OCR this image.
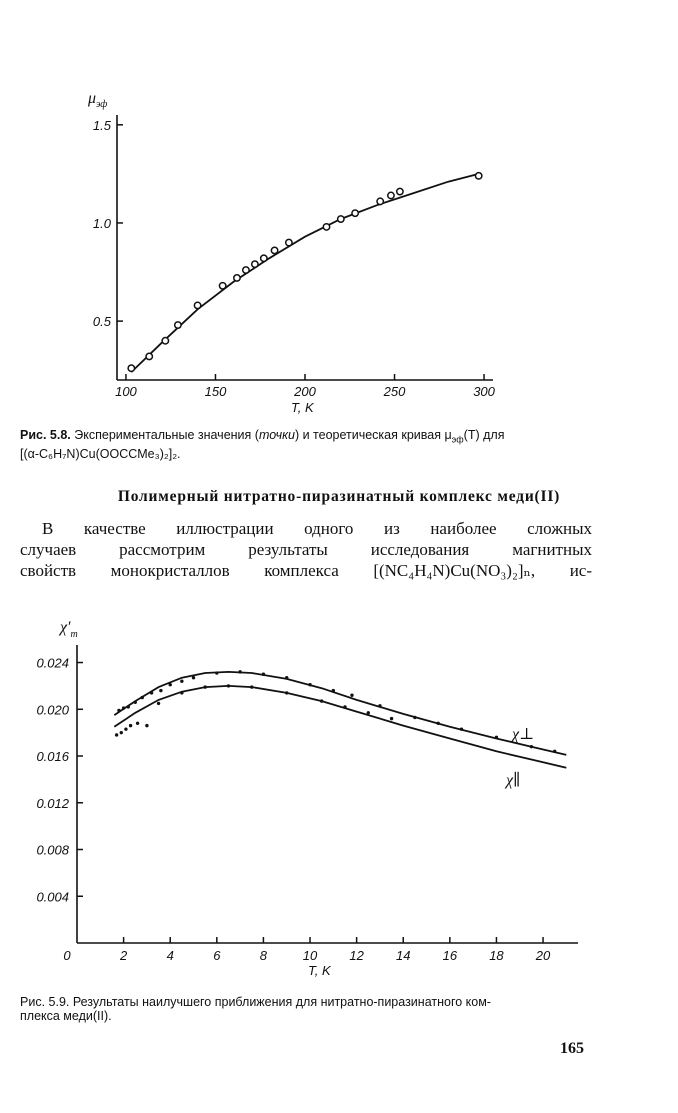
100	150	200	250	300
1.5
1.0
0.5
$\mu_{эф}$
T, K
Рис. 5.8. Экспериментальные значения (точки) и теоретическая кривая $\mu_{эф}(T)$ для
[(α-C₆H₇N)Cu(OOCCMe₃)₂]₂.
Полимерный нитратно-пиразинатный комплекс меди(II)
В качестве иллюстрации одного из наиболее сложных
случаев рассмотрим результаты исследования магнитных
свойств монокристаллов комплекса [(NC₄H₄N)Cu(NO₃)₂]ₙ, ис-
0	2	4	6	8	10 12 14 16 18 20
0.024
0.020
0.016
0.012
0.008
0.004
$\chi'_m$
T, K
χ⊥
χ∥
Рис. 5.9. Результаты наилучшего приближения для нитратно-пиразинатного ком-
плекса меди(II).
165
